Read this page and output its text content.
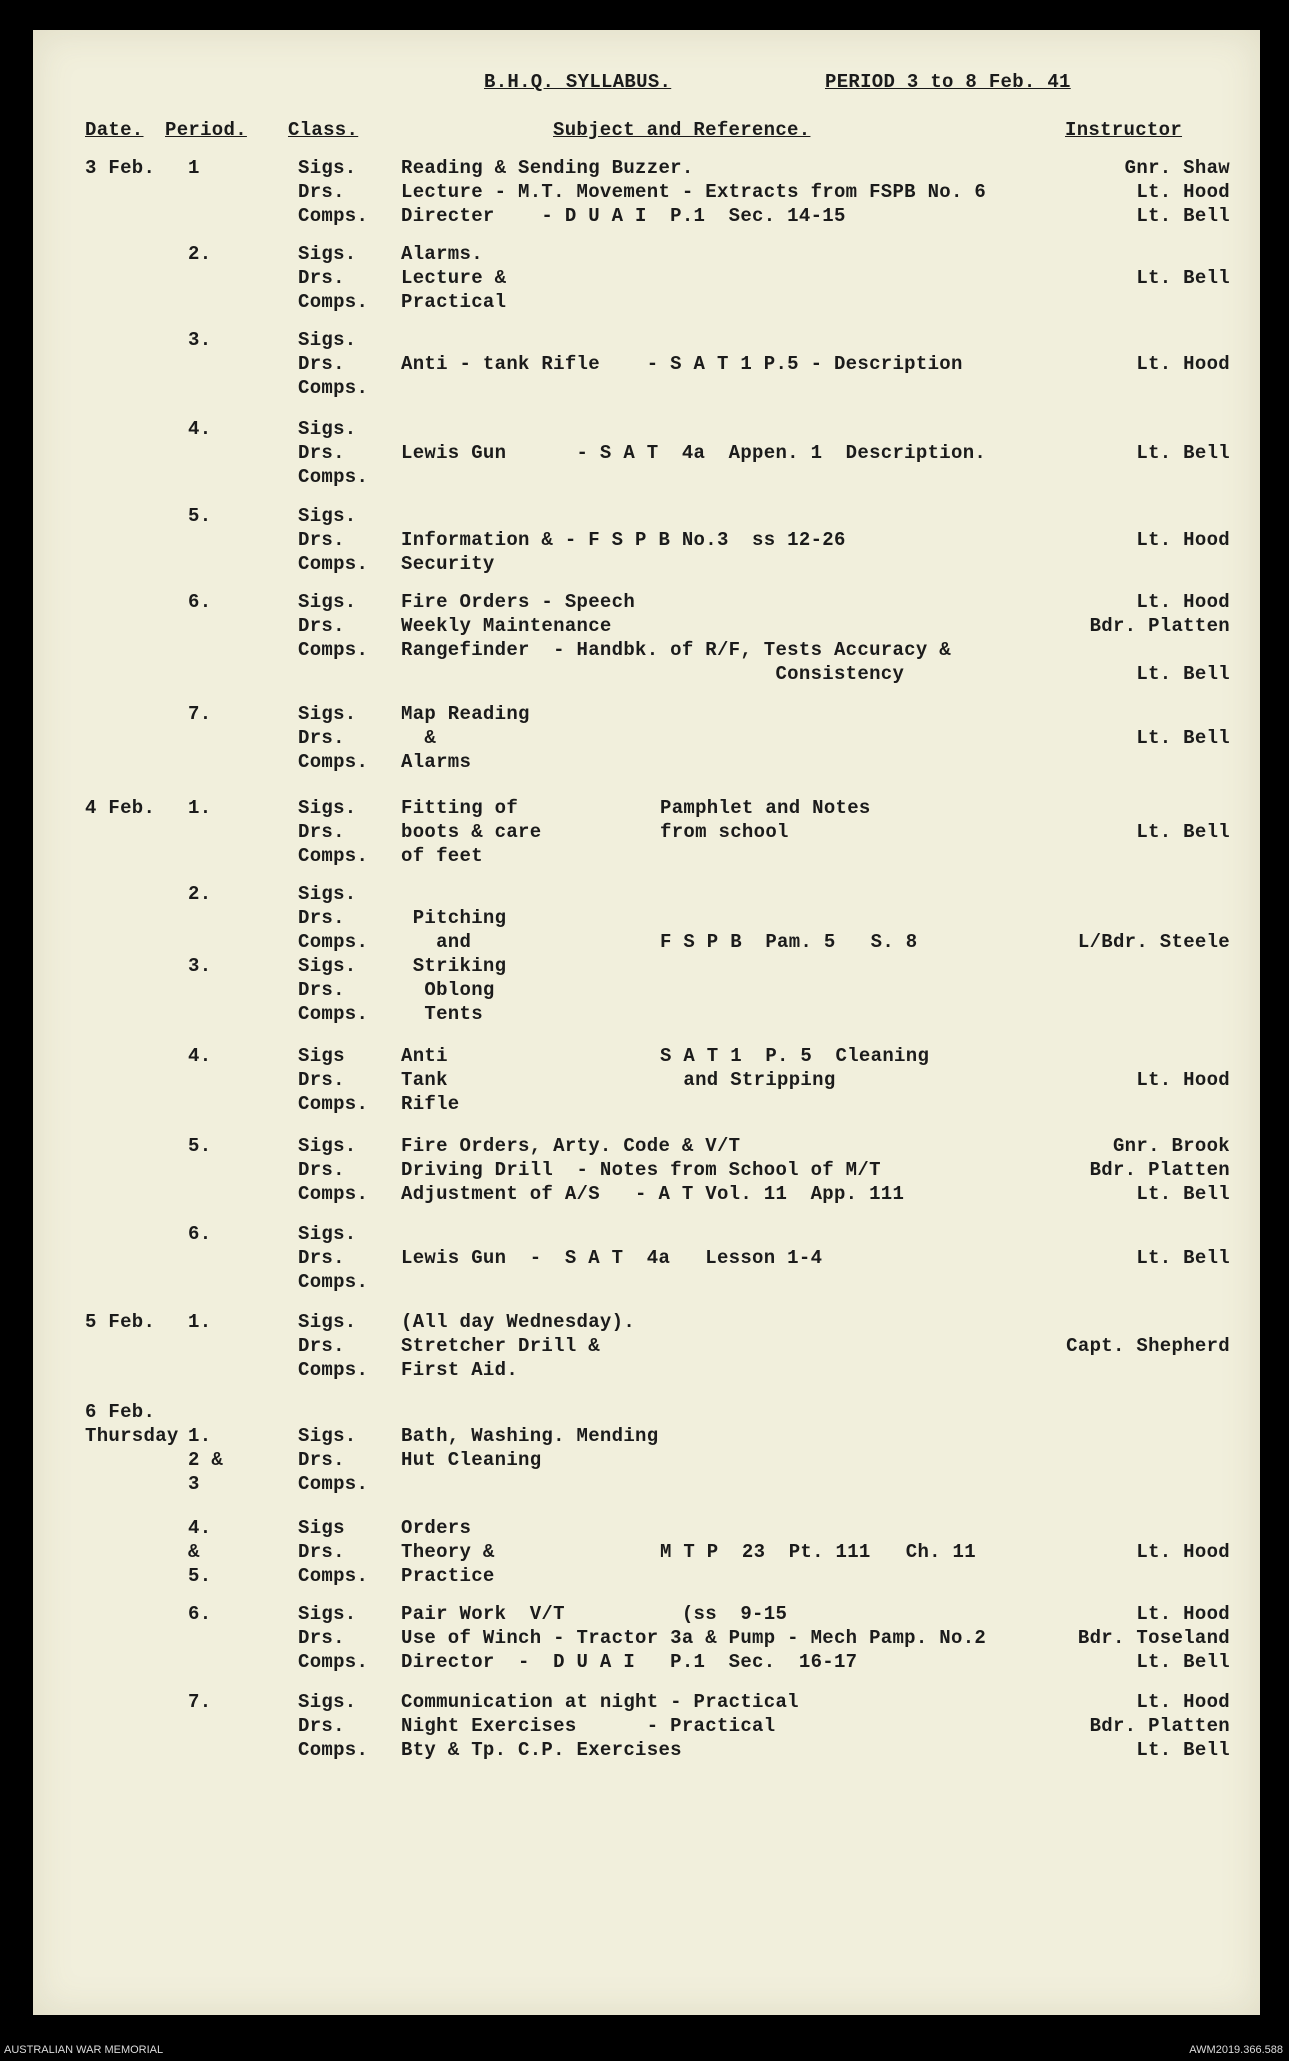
B.H.Q. SYLLABUS.	PERIOD 3 to 8 Feb. 41
Date. Period. Class.	Subject and Reference.	Instructor
3 Feb. 1	Sigs. Reading & Sending Buzzer.	Gnr. Shaw
Drs.	Lecture - M.T. Movement - Extracts from FSPB No. 6	Lt. Hood
Comps. Directer    - D U A I  P.1  Sec. 14-15	Lt. Bell
2.	Sigs. Alarms.
Drs.	Lecture &	Lt. Bell
Comps. Practical
3.	Sigs.
Drs.	Anti - tank Rifle    - S A T 1 P.5 - Description	Lt. Hood
Comps.
4.	Sigs.
Drs.	Lewis Gun      - S A T  4a  Appen. 1  Description.	Lt. Bell
Comps.
5.	Sigs.
Drs.	Information & - F S P B No.3  ss 12-26	Lt. Hood
Comps. Security
6.	Sigs. Fire Orders - Speech	Lt. Hood
Drs.	Weekly Maintenance	Bdr. Platten
Comps. Rangefinder  - Handbk. of R/F, Tests Accuracy &
Consistency	Lt. Bell
7.	Sigs. Map Reading
Drs.	&	Lt. Bell
Comps. Alarms
4 Feb. 1.	Sigs. Fitting of	Pamphlet and Notes
Drs.	boots & care	from school	Lt. Bell
Comps. of feet
2.	Sigs.
Drs.	Pitching
Comps. and	F S P B  Pam. 5   S. 8	L/Bdr. Steele
3.	Sigs. Striking
Drs.	Oblong
Comps. Tents
4.	Sigs	Anti	S A T 1  P. 5  Cleaning
Drs.	Tank	and Stripping	Lt. Hood
Comps. Rifle
5.	Sigs. Fire Orders, Arty. Code & V/T	Gnr. Brook
Drs.	Driving Drill  - Notes from School of M/T	Bdr. Platten
Comps. Adjustment of A/S   - A T Vol. 11  App. 111	Lt. Bell
6.	Sigs.
Drs.	Lewis Gun  -  S A T  4a   Lesson 1-4	Lt. Bell
Comps.
5 Feb. 1.	Sigs. (All day Wednesday).
Drs.	Stretcher Drill &	Capt. Shepherd
Comps. First Aid.
6 Feb.
Thursday 1.	Sigs. Bath, Washing. Mending
2 &	Drs.	Hut Cleaning
3	Comps.
4.	Sigs	Orders
&	Drs.	Theory &	M T P  23  Pt. 111   Ch. 11	Lt. Hood
5.	Comps. Practice
6.	Sigs. Pair Work  V/T          (ss  9-15	Lt. Hood
Drs.	Use of Winch - Tractor 3a & Pump - Mech Pamp. No.2	Bdr. Toseland
Comps. Director  -  D U A I   P.1  Sec.  16-17	Lt. Bell
7.	Sigs. Communication at night - Practical	Lt. Hood
Drs.	Night Exercises      - Practical	Bdr. Platten
Comps. Bty & Tp. C.P. Exercises	Lt. Bell
AUSTRALIAN WAR MEMORIAL	AWM2019.366.588
